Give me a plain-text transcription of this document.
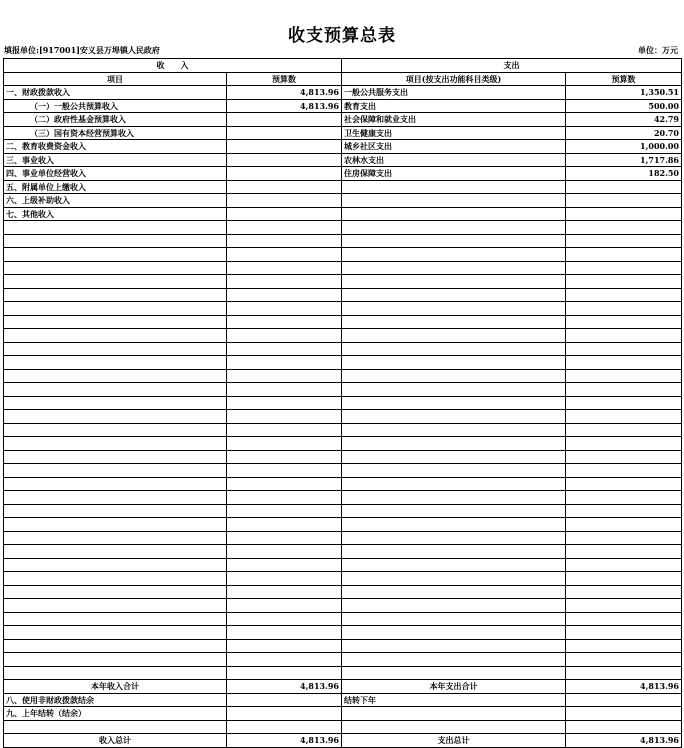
收支预算总表
填报单位:[917001]安义县万埠镇人民政府	单位：万元
收　　入		支出	
项目	预算数	项目(按支出功能科目类级)	预算数
一、财政拨款收入	4,813.96	一般公共服务支出	1,350.51
（一）一般公共预算收入	4,813.96	教育支出	500.00
（二）政府性基金预算收入		社会保障和就业支出	42.79
（三）国有资本经营预算收入		卫生健康支出	20.70
二、教育收费资金收入		城乡社区支出	1,000.00
三、事业收入		农林水支出	1,717.86
四、事业单位经营收入		住房保障支出	182.50
五、附属单位上缴收入			
六、上级补助收入			
七、其他收入			

本年收入合计	4,813.96	本年支出合计	4,813.96
八、使用非财政拨款结余		结转下年	
九、上年结转（结余）			

收入总计	4,813.96	支出总计	4,813.96
